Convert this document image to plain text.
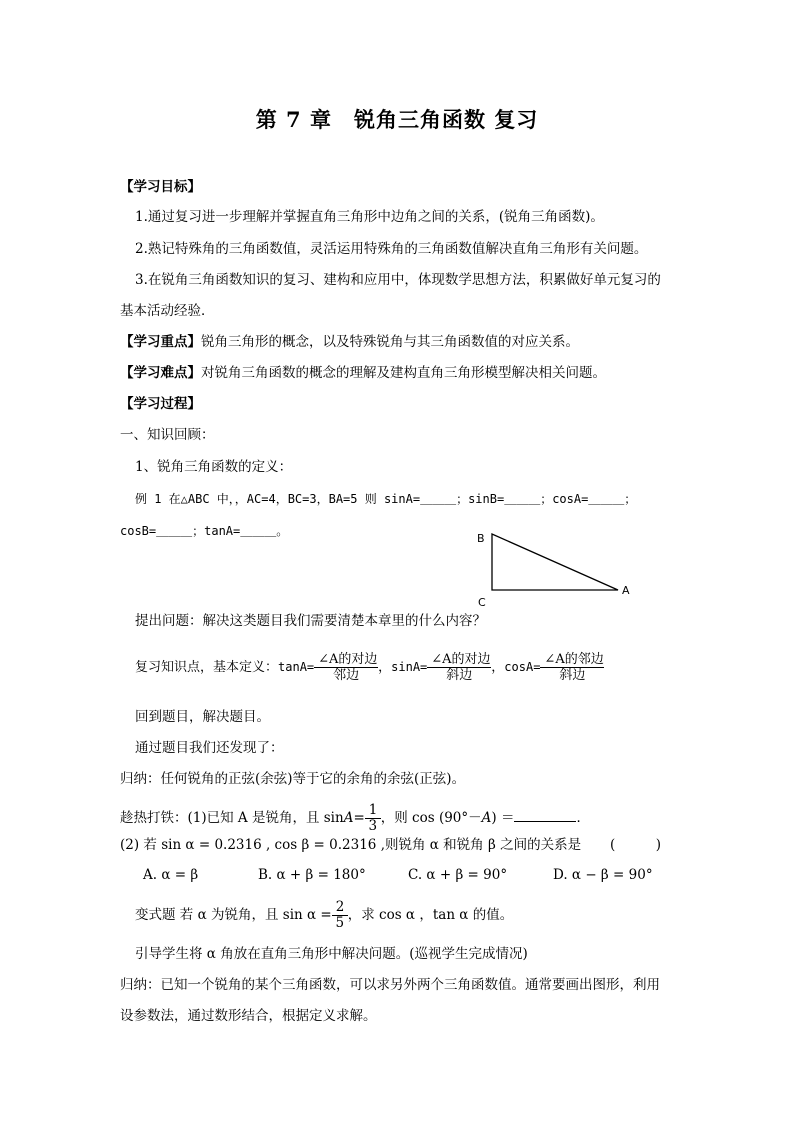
第 7 章　锐角三角函数 复习
【学习目标】
1.通过复习进一步理解并掌握直角三角形中边角之间的关系，(锐角三角函数)。
2.熟记特殊角的三角函数值，灵活运用特殊角的三角函数值解决直角三角形有关问题。
3.在锐角三角函数知识的复习、建构和应用中，体现数学思想方法，积累做好单元复习的
基本活动经验．
【学习重点】锐角三角形的概念，以及特殊锐角与其三角函数值的对应关系。
【学习难点】对锐角三角函数的概念的理解及建构直角三角形模型解决相关问题。
【学习过程】
一、知识回顾：
1、锐角三角函数的定义：
例 1 在△ABC 中，，AC=4，BC=3，BA=5 则 sinA=＿＿＿；sinB=＿＿＿；cosA=＿＿＿；
cosB=＿＿＿；tanA=＿＿＿。
B
C
A
提出问题：解决这类题目我们需要清楚本章里的什么内容？
复习知识点，基本定义：$\tan A= \frac{\text{∠A的对边}}{\text{邻边}}$ ，$\sin A= \frac{\text{∠A的对边}}{\text{斜边}}$ ，$\cos A= \frac{\text{∠A的邻边}}{\text{斜边}}$
回到题目，解决题目。
通过题目我们还发现了：
归纳：任何锐角的正弦(余弦)等于它的余角的余弦(正弦)。
趁热打铁：(1)已知 A 是锐角，且 $\sin A= \frac{1}{3}$ ，则 cos (90°－A) ＝	．
(2) 若 sin α = 0.2316 , cos β = 0.2316 ,则锐角 α 和锐角 β 之间的关系是 (　　　)
A. α = β	B. α + β = 180°	C. α + β = 90°	D. α − β = 90°
变式题 若 α 为锐角，且 $\sin \alpha = \frac{2}{5}$ ，求 cos α ，tan α 的值。
引导学生将 α 角放在直角三角形中解决问题。(巡视学生完成情况)
归纳：已知一个锐角的某个三角函数，可以求另外两个三角函数值。通常要画出图形，利用
设参数法，通过数形结合，根据定义求解。
